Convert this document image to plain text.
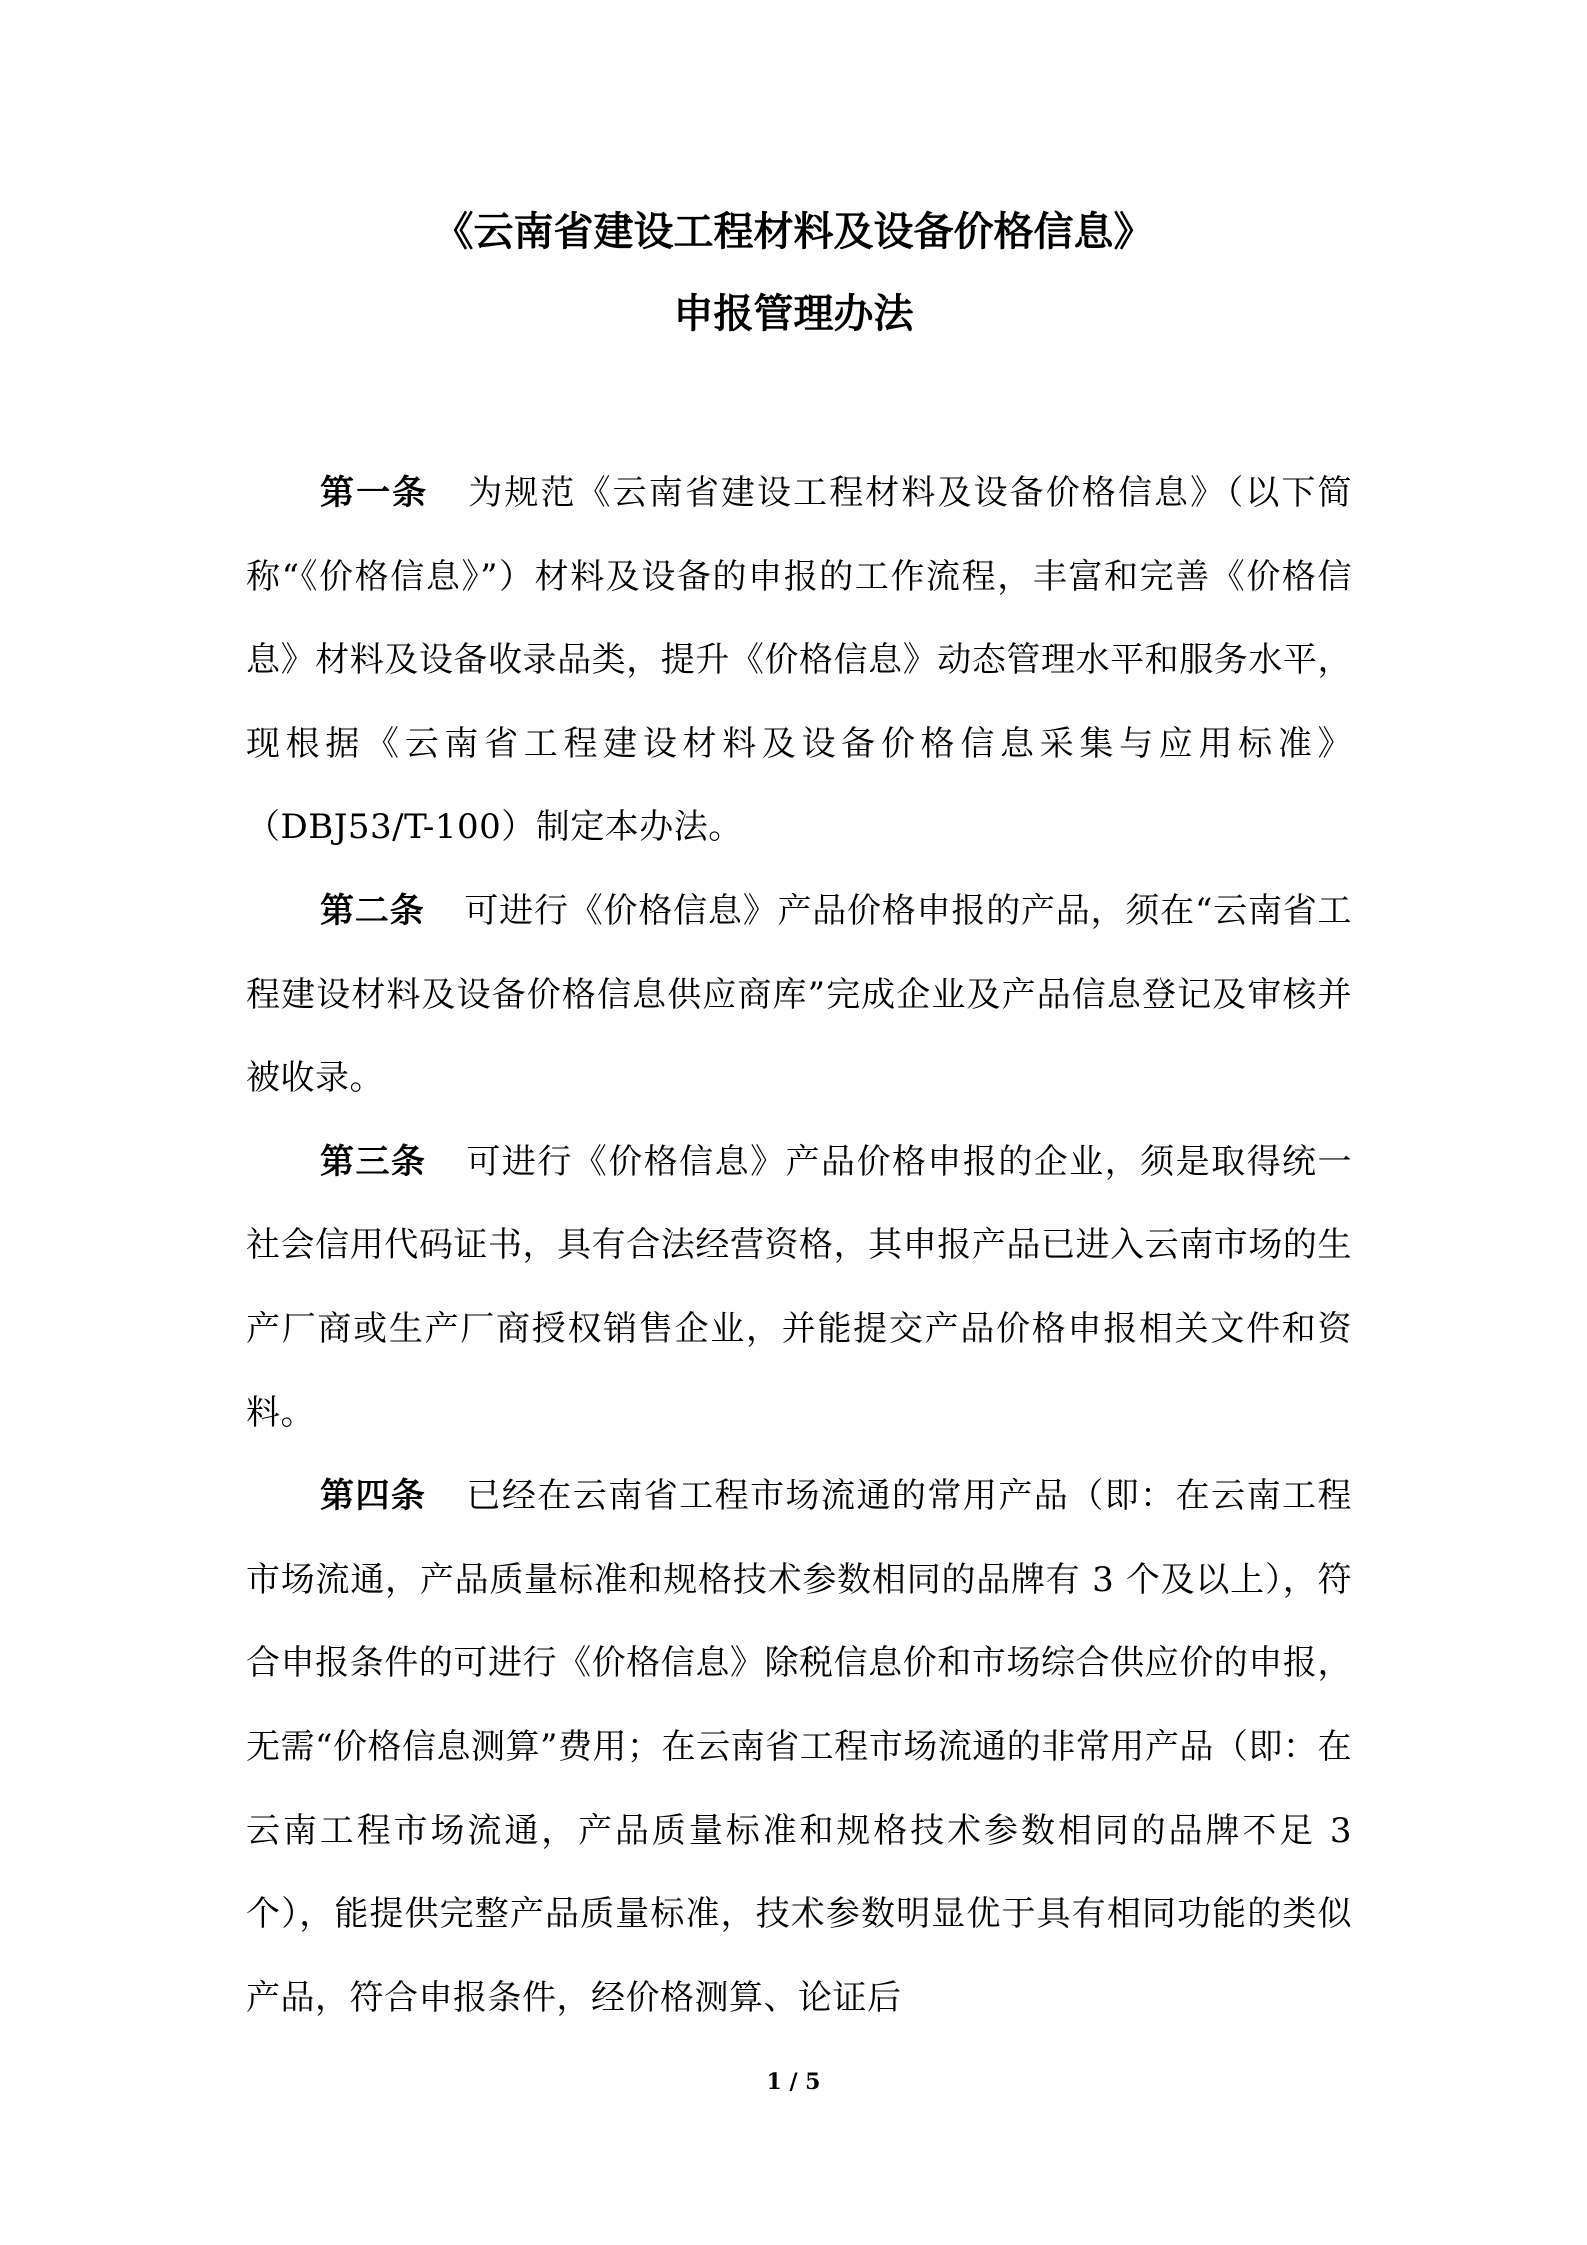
《云南省建设工程材料及设备价格信息》
申报管理办法

第一条 为规范《云南省建设工程材料及设备价格信息》（以下简称“《价格信息》”）材料及设备的申报的工作流程，丰富和完善《价格信息》材料及设备收录品类，提升《价格信息》动态管理水平和服务水平，现根据《云南省工程建设材料及设备价格信息采集与应用标准》（DBJ53/T-100）制定本办法。

第二条 可进行《价格信息》产品价格申报的产品，须在“云南省工程建设材料及设备价格信息供应商库”完成企业及产品信息登记及审核并被收录。

第三条 可进行《价格信息》产品价格申报的企业，须是取得统一社会信用代码证书，具有合法经营资格，其申报产品已进入云南市场的生产厂商或生产厂商授权销售企业，并能提交产品价格申报相关文件和资料。

第四条 已经在云南省工程市场流通的常用产品（即：在云南工程市场流通，产品质量标准和规格技术参数相同的品牌有 3 个及以上），符合申报条件的可进行《价格信息》除税信息价和市场综合供应价的申报，无需“价格信息测算”费用；在云南省工程市场流通的非常用产品（即：在云南工程市场流通，产品质量标准和规格技术参数相同的品牌不足 3 个），能提供完整产品质量标准，技术参数明显优于具有相同功能的类似产品，符合申报条件，经价格测算、论证后

1 / 5
